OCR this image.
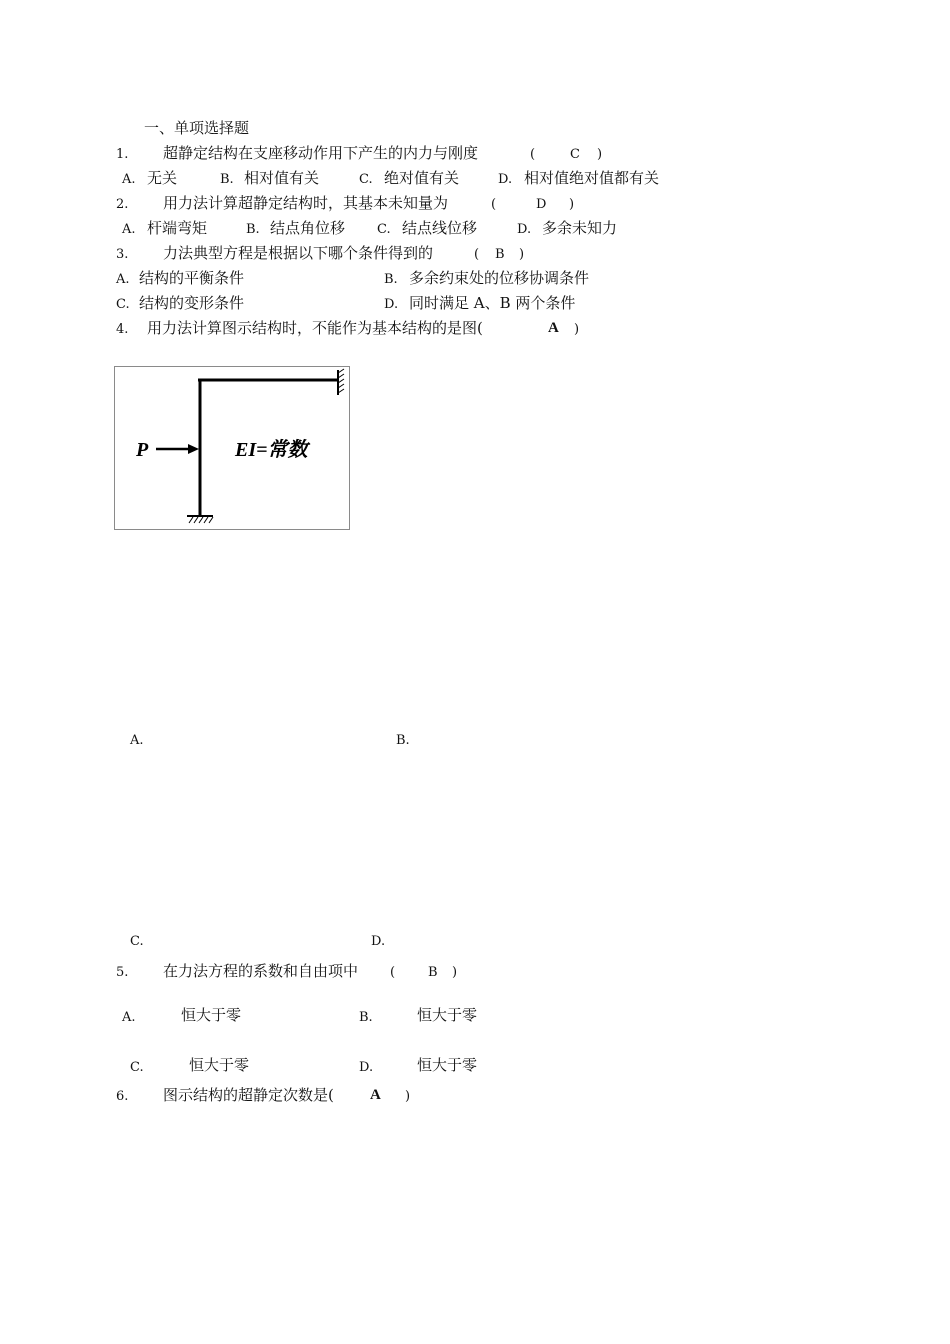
一、单项选择题
1. 超静定结构在支座移动作用下产生的内力与刚度	(	C )
A. 无关	B. 相对值有关	C. 绝对值有关	D. 相对值绝对值都有关
2. 用力法计算超静定结构时，其基本未知量为	(	D )
A. 杆端弯矩	B. 结点角位移 C. 结点线位移	D. 多余未知力
3. 力法典型方程是根据以下哪个条件得到的	( B )
A. 结构的平衡条件	B. 多余约束处的位移协调条件
C. 结构的变形条件	D. 同时满足 A、B 两个条件
4. 用力法计算图示结构时，不能作为基本结构的是图(	A )
P	EI=常数
A.	B.
C.	D.
5. 在力法方程的系数和自由项中 (	B )
A.	恒大于零	B.	恒大于零
C.	恒大于零	D.	恒大于零
6. 图示结构的超静定次数是( A )
